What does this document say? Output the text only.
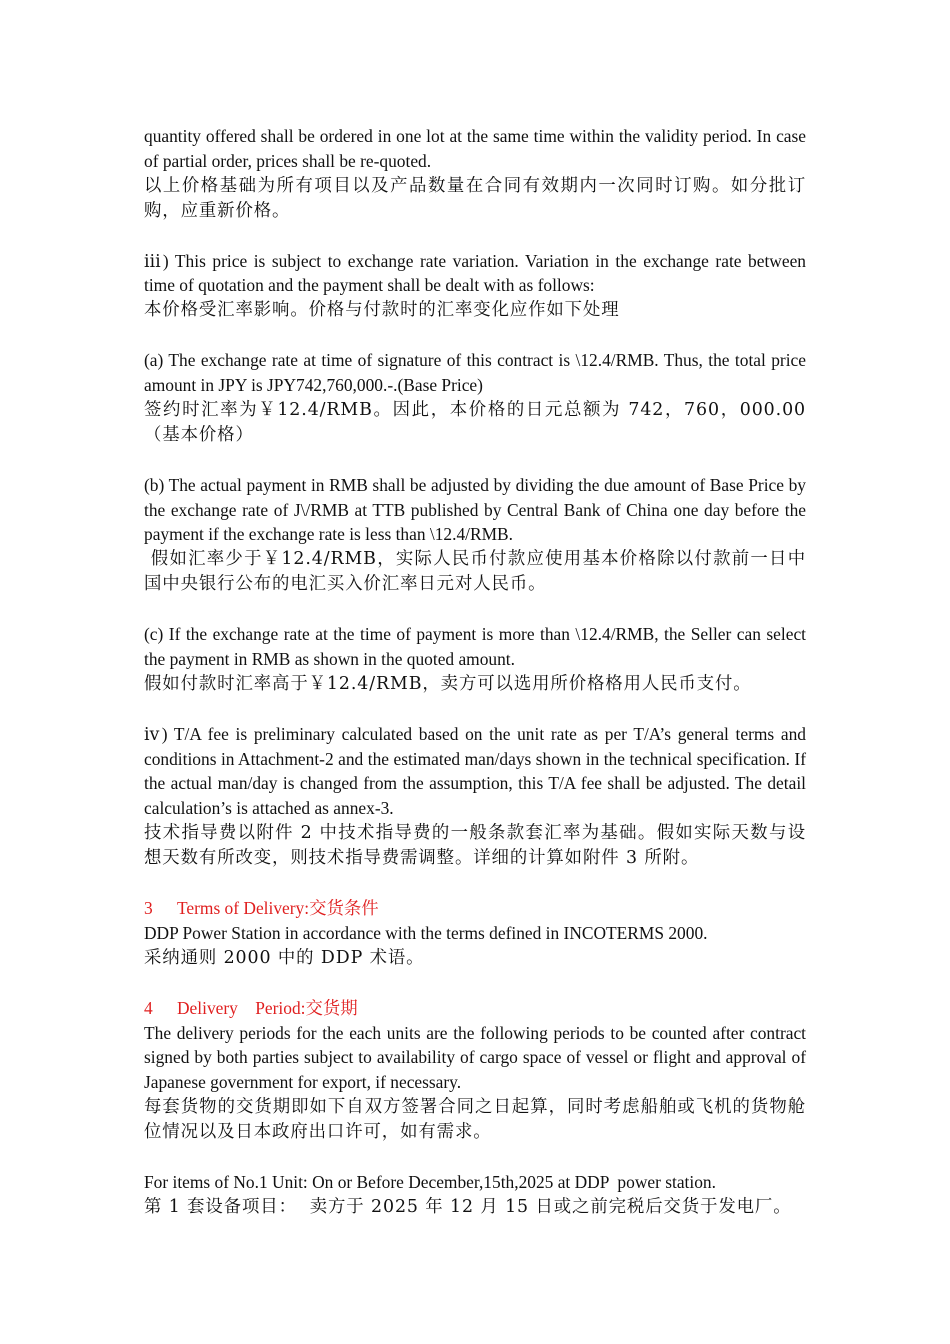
quantity offered shall be ordered in one lot at the same time within the validity period. In case of partial order, prices shall be re-quoted.
以上价格基础为所有项目以及产品数量在合同有效期内一次同时订购。如分批订购，应重新价格。
ⅲ) This price is subject to exchange rate variation. Variation in the exchange rate between time of quotation and the payment shall be dealt with as follows:
本价格受汇率影响。价格与付款时的汇率变化应作如下处理
(a) The exchange rate at time of signature of this contract is \12.4/RMB. Thus, the total price amount in JPY is JPY742,760,000.-.(Base Price)
签约时汇率为￥12.4/RMB。因此，本价格的日元总额为 742，760，000.00（基本价格）
(b) The actual payment in RMB shall be adjusted by dividing the due amount of Base Price by the exchange rate of J\/RMB at TTB published by Central Bank of China one day before the payment if the exchange rate is less than \12.4/RMB.
假如汇率少于￥12.4/RMB，实际人民币付款应使用基本价格除以付款前一日中国中央银行公布的电汇买入价汇率日元对人民币。
(c) If the exchange rate at the time of payment is more than \12.4/RMB, the Seller can select the payment in RMB as shown in the quoted amount.
假如付款时汇率高于￥12.4/RMB，卖方可以选用所价格格用人民币支付。
ⅳ) T/A fee is preliminary calculated based on the unit rate as per T/A’s general terms and conditions in Attachment-2 and the estimated man/days shown in the technical specification. If the actual man/day is changed from the assumption, this T/A fee shall be adjusted. The detail calculation’s is attached as annex-3.
技术指导费以附件 2 中技术指导费的一般条款套汇率为基础。假如实际天数与设想天数有所改变，则技术指导费需调整。详细的计算如附件 3 所附。
3 Terms of Delivery:交货条件
DDP Power Station in accordance with the terms defined in INCOTERMS 2000.
采纳通则 2000 中的 DDP 术语。
4 Delivery    Period:交货期
The delivery periods for the each units are the following periods to be counted after contract signed by both parties subject to availability of cargo space of vessel or flight and approval of Japanese government for export, if necessary.
每套货物的交货期即如下自双方签署合同之日起算，同时考虑船舶或飞机的货物舱位情况以及日本政府出口许可，如有需求。
For items of No.1 Unit: On or Before December,15th,2025 at DDP  power station.
第 1 套设备项目：  卖方于 2025 年 12 月 15 日或之前完税后交货于发电厂。
